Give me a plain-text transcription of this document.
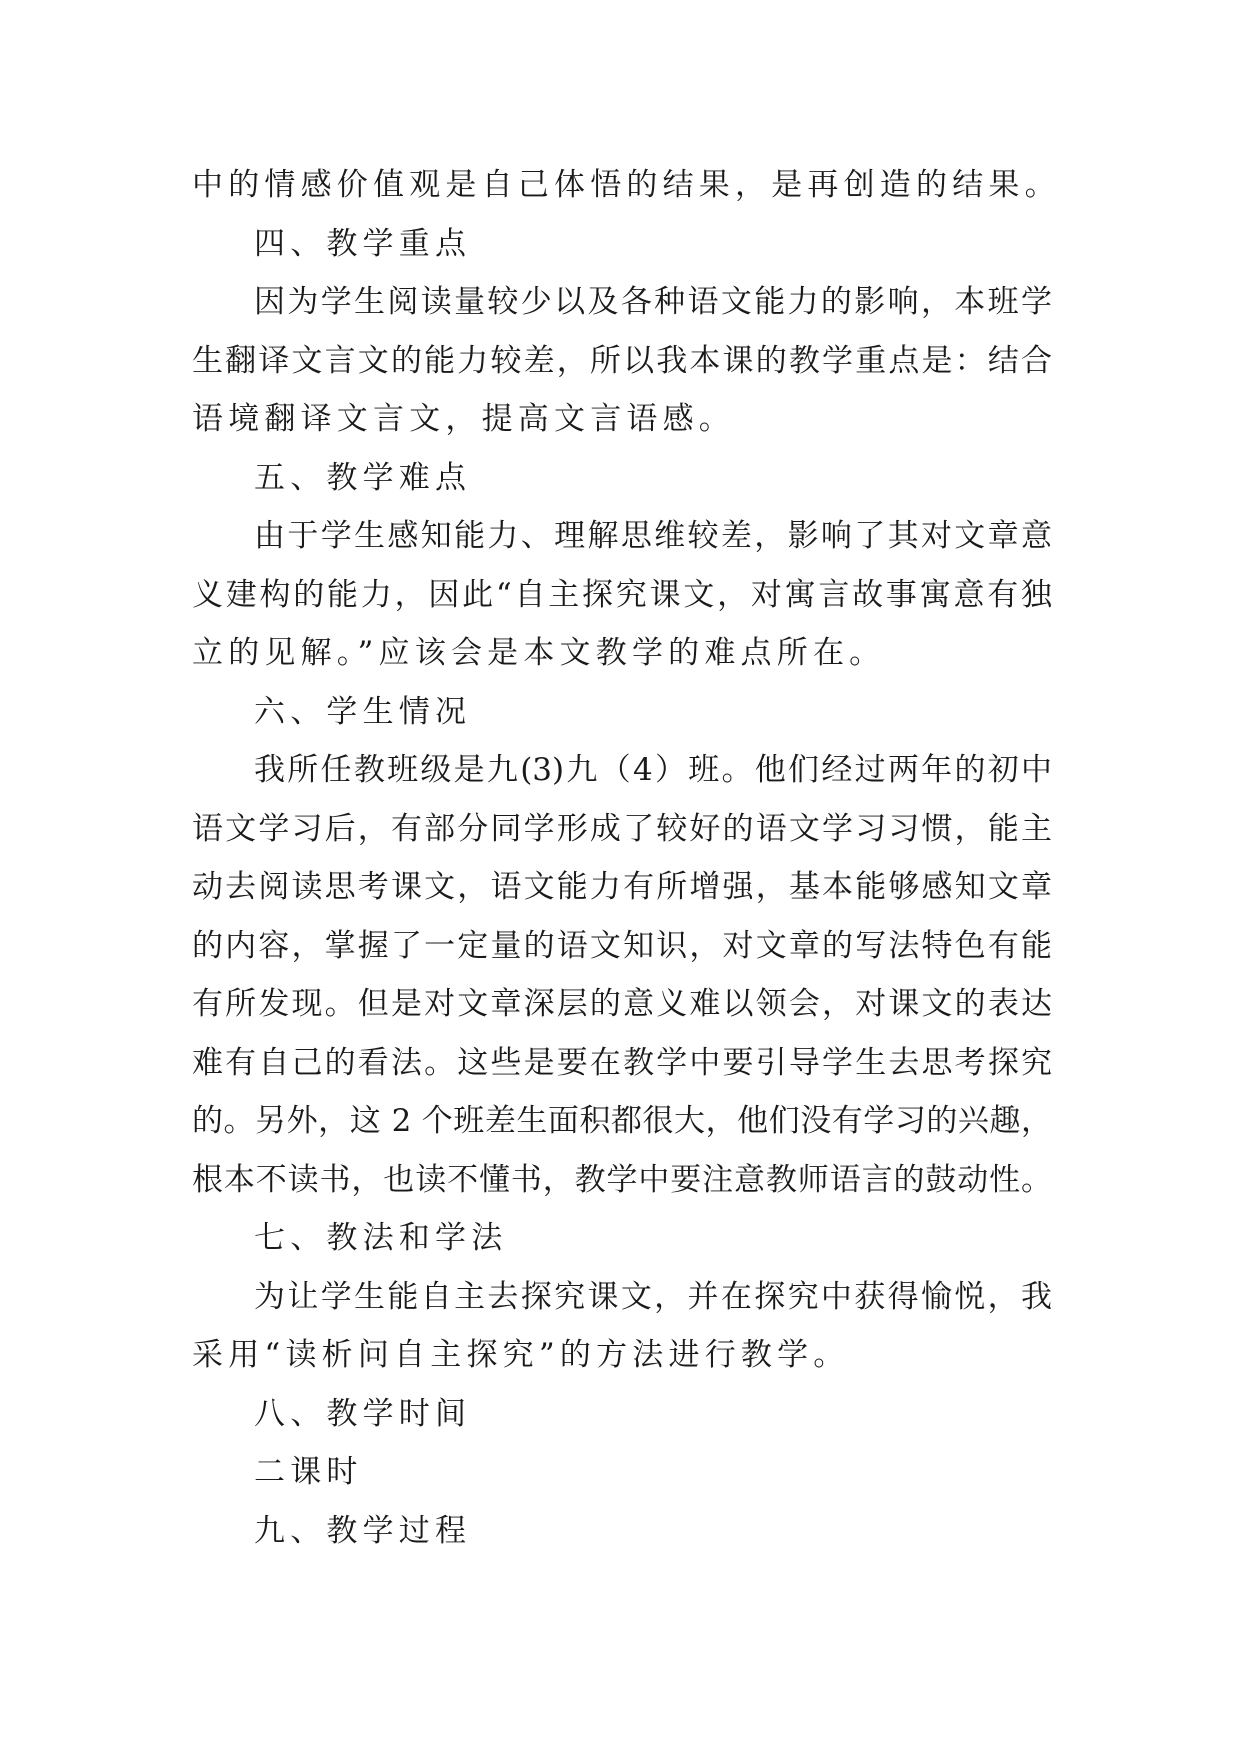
中的情感价值观是自己体悟的结果，是再创造的结果。
四、教学重点
因为学生阅读量较少以及各种语文能力的影响，本班学
生翻译文言文的能力较差，所以我本课的教学重点是：结合
语境翻译文言文，提高文言语感。
五、教学难点
由于学生感知能力、理解思维较差，影响了其对文章意
义建构的能力，因此“自主探究课文，对寓言故事寓意有独
立的见解。”应该会是本文教学的难点所在。
六、学生情况
我所任教班级是九(3)九（4）班。他们经过两年的初中
语文学习后，有部分同学形成了较好的语文学习习惯，能主
动去阅读思考课文，语文能力有所增强，基本能够感知文章
的内容，掌握了一定量的语文知识，对文章的写法特色有能
有所发现。但是对文章深层的意义难以领会，对课文的表达
难有自己的看法。这些是要在教学中要引导学生去思考探究
的。另外，这 2 个班差生面积都很大，他们没有学习的兴趣，
根本不读书，也读不懂书，教学中要注意教师语言的鼓动性。
七、教法和学法
为让学生能自主去探究课文，并在探究中获得愉悦，我
采用“读析问自主探究”的方法进行教学。
八、教学时间
二课时
九、教学过程
